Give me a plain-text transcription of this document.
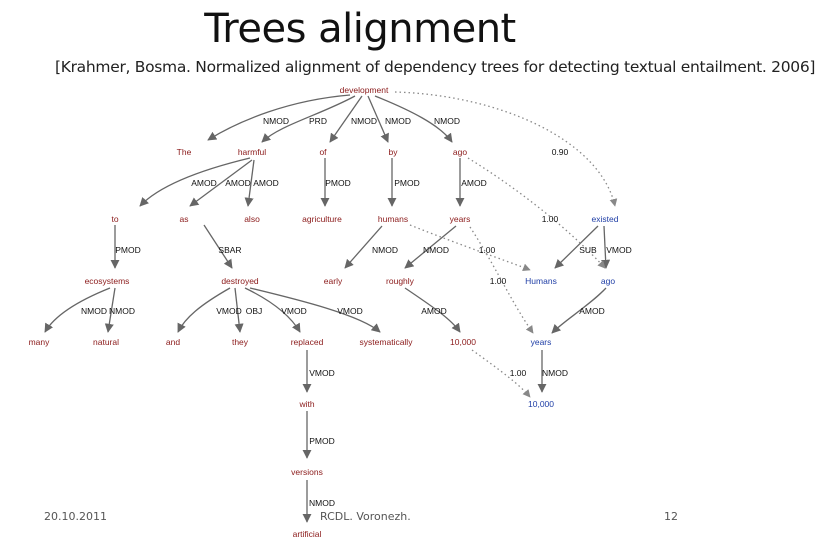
Trees alignment
[Krahmer, Bosma. Normalized alignment of dependency trees for detecting textual entailment. 2006]
development
The	harmful	of	by	ago
to	as	also	agriculture	humans	years	existed
ecosystems	destroyed	early	roughly	Humans	ago
many	natural	and	they	replaced	systematically	10,000	years
with	10,000
versions
artificial
NMOD PRD	NMOD NMOD	NMOD
AMOD AMOD AMOD	PMOD	PMOD	AMOD
PMOD	SBAR	NMOD	NMOD	SUB VMOD
NMOD NMOD	VMOD OBJ VMOD	VMOD	AMOD	AMOD
VMOD	NMOD
PMOD
NMOD
0.90
1.00
1.00
1.00
1.00
20.10.2011	RCDL. Voronezh.	12
